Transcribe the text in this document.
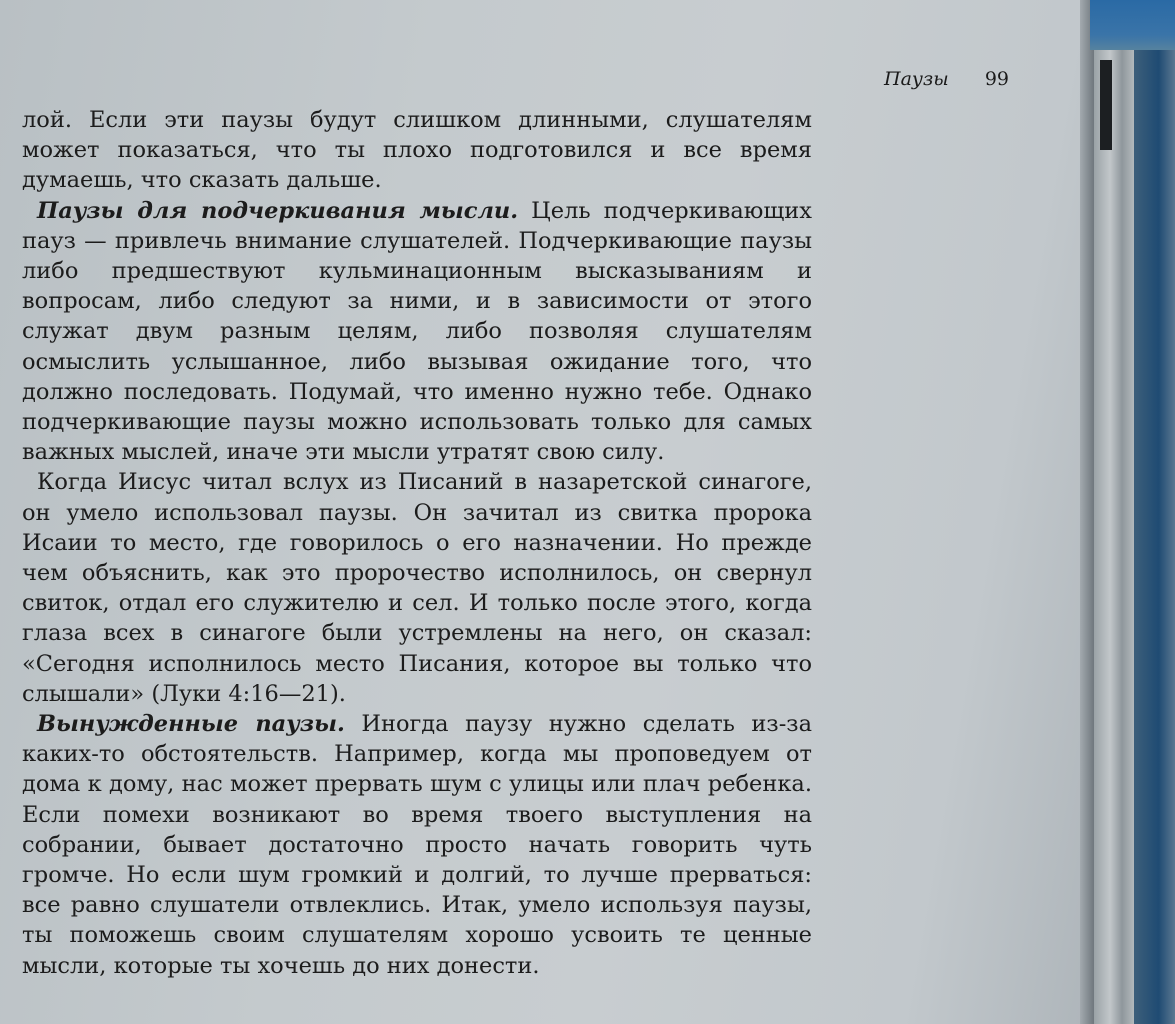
Паузы 99

лой. Если эти паузы будут слишком длинными, слушателям может показаться, что ты плохо подготовился и все время думаешь, что сказать дальше.

Паузы для подчеркивания мысли. Цель подчеркивающих пауз — привлечь внимание слушателей. Подчеркивающие паузы либо предшествуют кульминационным высказываниям и вопросам, либо следуют за ними, и в зависимости от этого служат двум разным целям, либо позволяя слушателям осмыслить услышанное, либо вызывая ожидание того, что должно последовать. Подумай, что именно нужно тебе. Однако подчеркивающие паузы можно использовать только для самых важных мыслей, иначе эти мысли утратят свою силу.

Когда Иисус читал вслух из Писаний в назаретской синагоге, он умело использовал паузы. Он зачитал из свитка пророка Исаии то место, где говорилось о его назначении. Но прежде чем объяснить, как это пророчество исполнилось, он свернул свиток, отдал его служителю и сел. И только после этого, когда глаза всех в синагоге были устремлены на него, он сказал: «Сегодня исполнилось место Писания, которое вы только что слышали» (Луки 4:16—21).

Вынужденные паузы. Иногда паузу нужно сделать из-за каких-то обстоятельств. Например, когда мы проповедуем от дома к дому, нас может прервать шум с улицы или плач ребенка. Если помехи возникают во время твоего выступления на собрании, бывает достаточно просто начать говорить чуть громче. Но если шум громкий и долгий, то лучше прерваться: все равно слушатели отвлеклись. Итак, умело используя паузы, ты поможешь своим слушателям хорошо усвоить те ценные мысли, которые ты хочешь до них донести.
